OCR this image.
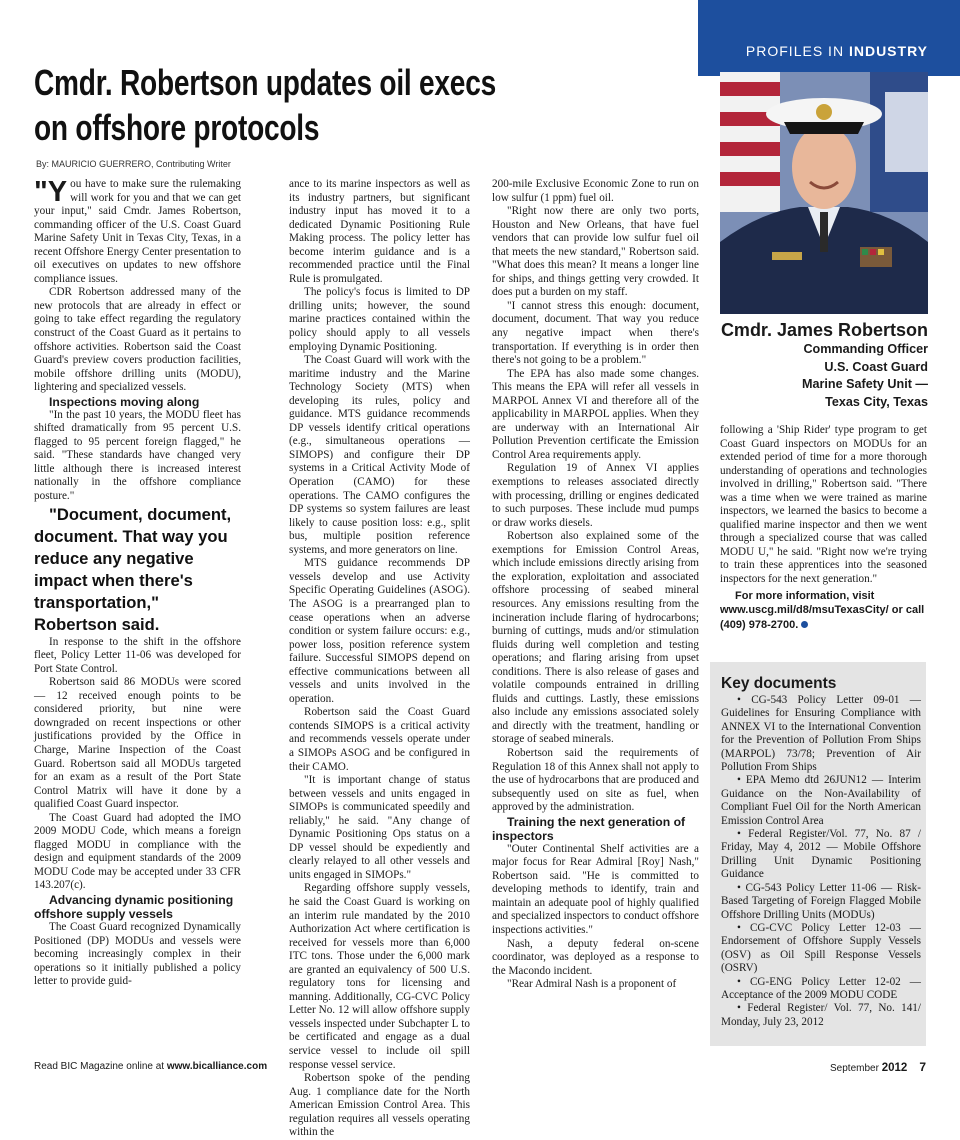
PROFILES IN INDUSTRY
Cmdr. Robertson updates oil execs on offshore protocols
By: MAURICIO GUERRERO, Contributing Writer

"You have to make sure the rulemaking will work for you and that we can get your input," said Cmdr. James Robertson, commanding officer of the U.S. Coast Guard Marine Safety Unit in Texas City, Texas, in a recent Offshore Energy Center presentation to oil executives on updates to new offshore compliance issues.

CDR Robertson addressed many of the new protocols that are already in effect or going to take effect regarding the regulatory construct of the Coast Guard as it pertains to offshore activities. Robertson said the Coast Guard's preview covers production facilities, mobile offshore drilling units (MODU), lightering and specialized vessels.

Inspections moving along

"In the past 10 years, the MODU fleet has shifted dramatically from 95 percent U.S. flagged to 95 percent foreign flagged," he said. "These standards have changed very little although there is increased interest nationally in the offshore compliance posture."

"Document, document, document. That way you reduce any negative impact when there's transportation," Robertson said.

In response to the shift in the offshore fleet, Policy Letter 11-06 was developed for Port State Control.

Robertson said 86 MODUs were scored — 12 received enough points to be considered priority, but nine were downgraded on recent inspections or other justifications provided by the Office in Charge, Marine Inspection of the Coast Guard. Robertson said all MODUs targeted for an exam as a result of the Port State Control Matrix will have it done by a qualified Coast Guard inspector.

The Coast Guard had adopted the IMO 2009 MODU Code, which means a foreign flagged MODU in compliance with the design and equipment standards of the 2009 MODU Code may be accepted under 33 CFR 143.207(c).

Advancing dynamic positioning offshore supply vessels

The Coast Guard recognized Dynamically Positioned (DP) MODUs and vessels were becoming increasingly complex in their operations so it initially published a policy letter to provide guid-

ance to its marine inspectors as well as its industry partners, but significant industry input has moved it to a dedicated Dynamic Positioning Rule Making process. The policy letter has become interim guidance and is a recommended practice until the Final Rule is promulgated.

The policy's focus is limited to DP drilling units; however, the sound marine practices contained within the policy should apply to all vessels employing Dynamic Positioning.

The Coast Guard will work with the maritime industry and the Marine Technology Society (MTS) when developing its rules, policy and guidance. MTS guidance recommends DP vessels identify critical operations (e.g., simultaneous operations — SIMOPS) and configure their DP systems in a Critical Activity Mode of Operation (CAMO) for these operations. The CAMO configures the DP systems so system failures are least likely to cause position loss: e.g., split bus, multiple position reference systems, and more generators on line.

MTS guidance recommends DP vessels develop and use Activity Specific Operating Guidelines (ASOG). The ASOG is a prearranged plan to cease operations when an adverse condition or system failure occurs: e.g., power loss, position reference system failure. Successful SIMOPS depend on effective communications between all vessels and units involved in the operation.

Robertson said the Coast Guard contends SIMOPS is a critical activity and recommends vessels operate under a SIMOPs ASOG and be configured in their CAMO.

"It is important change of status between vessels and units engaged in SIMOPs is communicated speedily and reliably," he said. "Any change of Dynamic Positioning Ops status on a DP vessel should be expediently and clearly relayed to all other vessels and units engaged in SIMOPs."

Regarding offshore supply vessels, he said the Coast Guard is working on an interim rule mandated by the 2010 Authorization Act where certification is received for vessels more than 6,000 ITC tons. Those under the 6,000 mark are granted an equivalency of 500 U.S. regulatory tons for licensing and manning. Additionally, CG-CVC Policy Letter No. 12 will allow offshore supply vessels inspected under Subchapter L to be certificated and engage as a dual service vessel to include oil spill response vessel service.

Robertson spoke of the pending Aug. 1 compliance date for the North American Emission Control Area. This regulation requires all vessels operating within the

200-mile Exclusive Economic Zone to run on low sulfur (1 ppm) fuel oil.

"Right now there are only two ports, Houston and New Orleans, that have fuel vendors that can provide low sulfur fuel oil that meets the new standard," Robertson said. "What does this mean? It means a longer line for ships, and things getting very crowded. It does put a burden on my staff.

"I cannot stress this enough: document, document, document. That way you reduce any negative impact when there's transportation. If everything is in order then there's not going to be a problem."

The EPA has also made some changes. This means the EPA will refer all vessels in MARPOL Annex VI and therefore all of the applicability in MARPOL applies. When they are underway with an International Air Pollution Prevention certificate the Emission Control Area requirements apply.

Regulation 19 of Annex VI applies exemptions to releases associated directly with processing, drilling or engines dedicated to such purposes. These include mud pumps or draw works diesels.

Robertson also explained some of the exemptions for Emission Control Areas, which include emissions directly arising from the exploration, exploitation and associated offshore processing of seabed mineral resources. Any emissions resulting from the incineration include flaring of hydrocarbons; burning of cuttings, muds and/or stimulation fluids during well completion and testing operations; and flaring arising from upset conditions. There is also release of gases and volatile compounds entrained in drilling fluids and cuttings. Lastly, these emissions also include any emissions associated solely and directly with the treatment, handling or storage of seabed minerals.

Robertson said the requirements of Regulation 18 of this Annex shall not apply to the use of hydrocarbons that are produced and subsequently used on site as fuel, when approved by the administration.

Training the next generation of inspectors

"Outer Continental Shelf activities are a major focus for Rear Admiral [Roy] Nash," Robertson said. "He is committed to developing methods to identify, train and maintain an adequate pool of highly qualified and specialized inspectors to conduct offshore inspections activities."

Nash, a deputy federal on-scene coordinator, was deployed as a response to the Macondo incident.

"Rear Admiral Nash is a proponent of

Cmdr. James Robertson
Commanding Officer
U.S. Coast Guard
Marine Safety Unit —
Texas City, Texas

following a 'Ship Rider' type program to get Coast Guard inspectors on MODUs for an extended period of time for a more thorough understanding of operations and technologies involved in drilling," Robertson said. "There was a time when we were trained as marine inspectors, we learned the basics to become a qualified marine inspector and then we went through a specialized course that was called MODU U," he said. "Right now we're trying to train these apprentices into the seasoned inspectors for the next generation."

For more information, visit www.uscg.mil/d8/msuTexasCity/ or call (409) 978-2700.

Key documents

• CG-543 Policy Letter 09-01 — Guidelines for Ensuring Compliance with ANNEX VI to the International Convention for the Prevention of Pollution From Ships (MARPOL) 73/78; Prevention of Air Pollution From Ships

• EPA Memo dtd 26JUN12 — Interim Guidance on the Non-Availability of Compliant Fuel Oil for the North American Emission Control Area

• Federal Register/Vol. 77, No. 87 / Friday, May 4, 2012 — Mobile Offshore Drilling Unit Dynamic Positioning Guidance

• CG-543 Policy Letter 11-06 — Risk-Based Targeting of Foreign Flagged Mobile Offshore Drilling Units (MODUs)

• CG-CVC Policy Letter 12-03 — Endorsement of Offshore Supply Vessels (OSV) as Oil Spill Response Vessels (OSRV)

• CG-ENG Policy Letter 12-02 — Acceptance of the 2009 MODU CODE

• Federal Register/ Vol. 77, No. 141/ Monday, July 23, 2012

Read BIC Magazine online at www.bicalliance.com	September 2012 7
